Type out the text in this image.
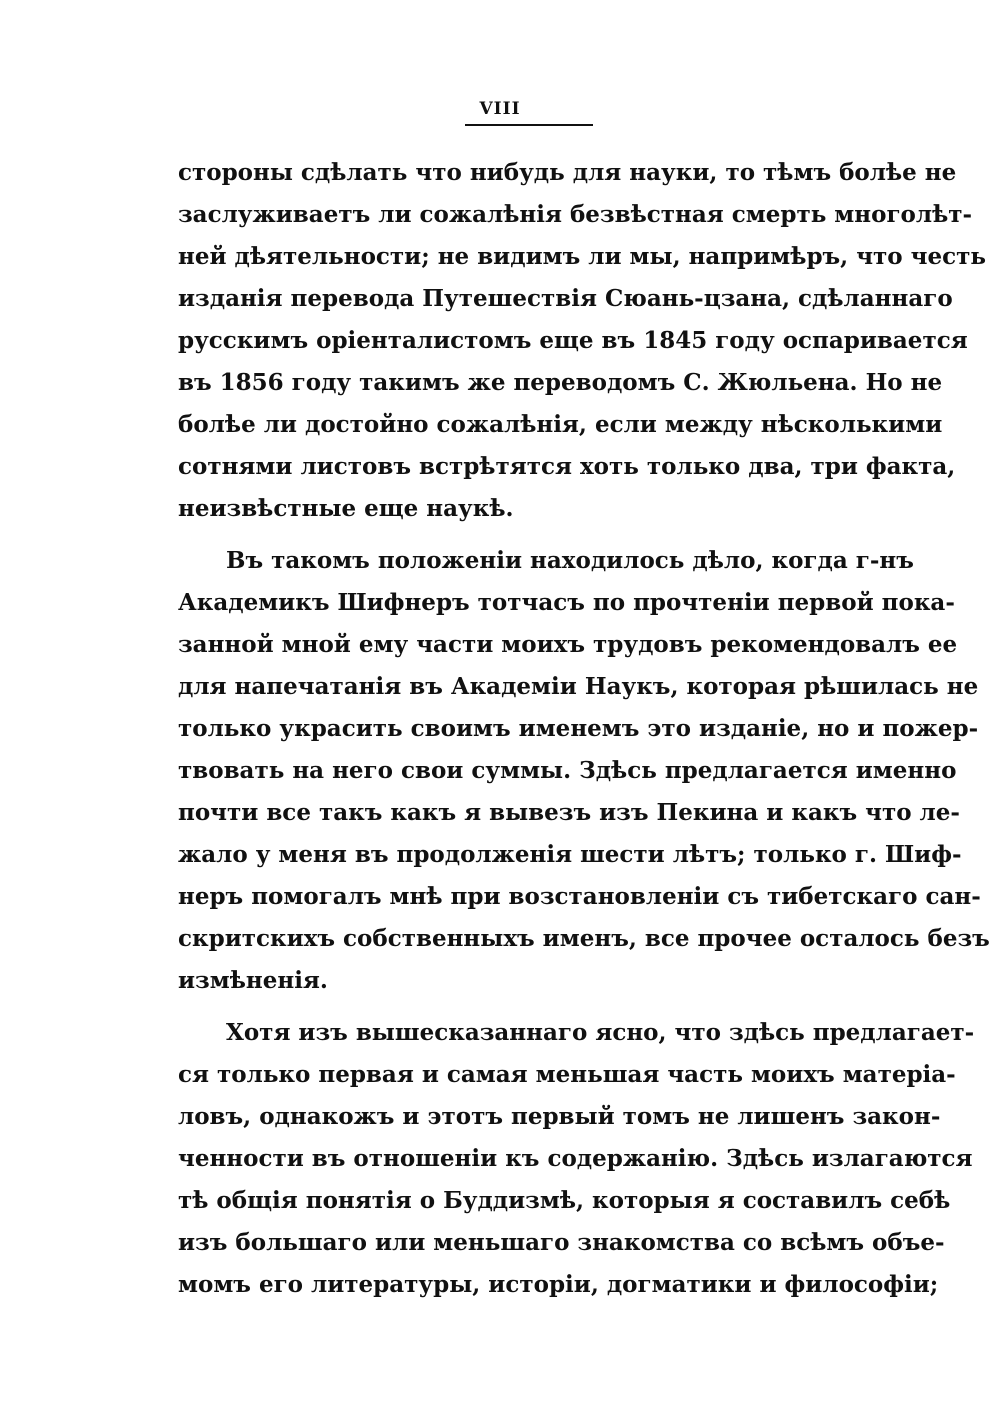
VIII
стороны сдѣлать что нибудь для науки, то тѣмъ болѣе не
заслуживаетъ ли сожалѣнія безвѣстная смерть многолѣт-
ней дѣятельности; не видимъ ли мы, напримѣръ, что честь
изданія перевода Путешествія Сюань-цзана, сдѣланнаго
русскимъ оріенталистомъ еще въ 1845 году оспаривается
въ 1856 году такимъ же переводомъ С. Жюльена. Но не
болѣе ли достойно сожалѣнія, если между нѣсколькими
сотнями листовъ встрѣтятся хоть только два, три факта,
неизвѣстные еще наукѣ.
Въ такомъ положеніи находилось дѣло, когда г-нъ
Академикъ Шифнеръ тотчасъ по прочтеніи первой пока-
занной мной ему части моихъ трудовъ рекомендовалъ ее
для напечатанія въ Академіи Наукъ, которая рѣшилась не
только украсить своимъ именемъ это изданіе, но и пожер-
твовать на него свои суммы. Здѣсь предлагается именно
почти все такъ какъ я вывезъ изъ Пекина и какъ что ле-
жало у меня въ продолженія шести лѣтъ; только г. Шиф-
неръ помогалъ мнѣ при возстановленіи съ тибетскаго сан-
скритскихъ собственныхъ именъ, все прочее осталось безъ
измѣненія.
Хотя изъ вышесказаннаго ясно, что здѣсь предлагает-
ся только первая и самая меньшая часть моихъ матеріа-
ловъ, однакожъ и этотъ первый томъ не лишенъ закон-
ченности въ отношеніи къ содержанію. Здѣсь излагаются
тѣ общія понятія о Буддизмѣ, которыя я составилъ себѣ
изъ большаго или меньшаго знакомства со всѣмъ объе-
момъ его литературы, исторіи, догматики и философіи;
